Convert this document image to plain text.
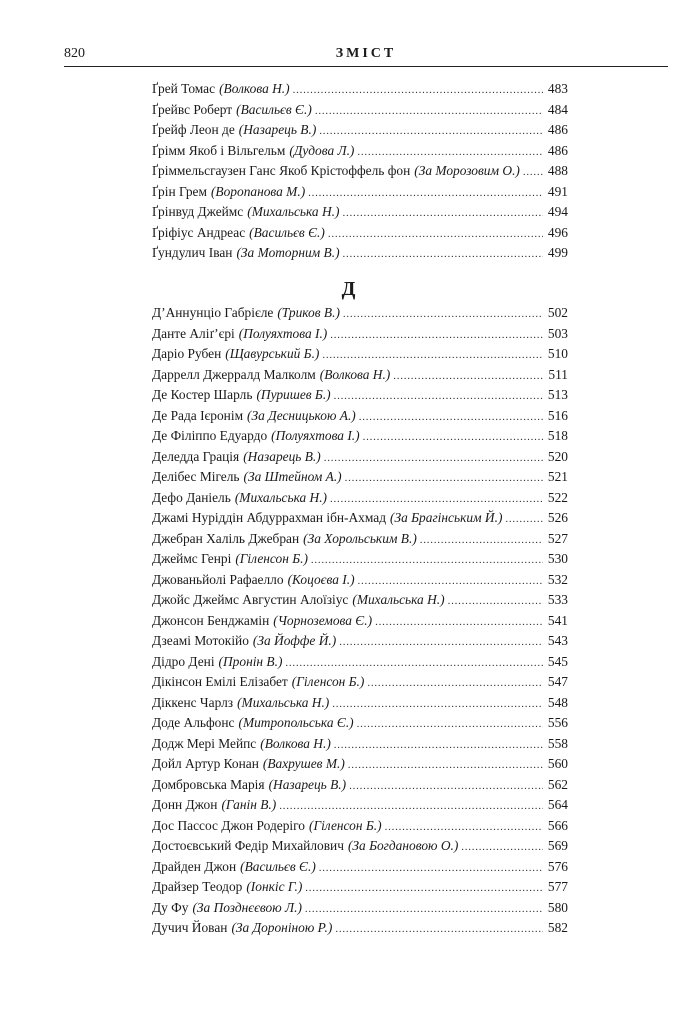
820	ЗМІСТ
Ґрей Томас (Волкова Н.) . . .	483
Ґрейвс Роберт (Васильєв Є.) . . .	484
Ґрейф Леон де (Назарець В.) . . .	486
Ґрімм Якоб і Вільгельм (Дудова Л.) . . .	486
Ґріммельсгаузен Ганс Якоб Крістоффель фон (За Морозовим О.) . . . 488
Ґрін Грем (Воропанова М.) . . .	491
Ґрінвуд Джеймс (Михальська Н.) . . .	494
Ґріфіус Андреас (Васильєв Є.) . . .	496
Ґундулич Іван (За Моторним В.) . . .	499
Д
Д’Аннунціо Габрієле (Триков В.) . . .	502
Данте Аліґ’єрі (Полуяхтова І.) . . .	503
Даріо Рубен (Щавурський Б.) . . .	510
Даррелл Джерралд Малколм (Волкова Н.) . . .	511
Де Костер Шарль (Пуришев Б.) . . .	513
Де Рада Ієронім (За Десницькою А.) . . .	516
Де Філіппо Едуардо (Полуяхтова І.) . . .	518
Деледда Грація (Назарець В.) . . .	520
Делібес Мігель (За Штейном А.) . . .	521
Дефо Даніель (Михальська Н.) . . .	522
Джамі Нуріддін Абдуррахман ібн-Ахмад (За Брагінським Й.) . . .	526
Джебран Халіль Джебран (За Хорольським В.) . . .	527
Джеймс Генрі (Гіленсон Б.) . . .	530
Джованьйолі Рафаелло (Коцоєва І.) . . .	532
Джойс Джеймс Августин Алоїзіус (Михальська Н.) . . .	533
Джонсон Бенджамін (Чорноземова Є.) . . .	541
Дзеамі Мотокійо (За Йоффе Й.) . . .	543
Дідро Дені (Пронін В.) . . .	545
Дікінсон Емілі Елізабет (Гіленсон Б.) . . .	547
Діккенс Чарлз (Михальська Н.) . . .	548
Доде Альфонс (Митропольська Є.) . . .	556
Додж Мері Мейпс (Волкова Н.) . . .	558
Дойл Артур Конан (Вахрушев М.) . . .	560
Домбровська Марія (Назарець В.) . . .	562
Донн Джон (Ганін В.) . . .	564
Дос Пассос Джон Родеріго (Гіленсон Б.) . . .	566
Достоєвський Федір Михайлович (За Богдановою О.) . . .	569
Драйден Джон (Васильєв Є.) . . .	576
Драйзер Теодор (Іонкіс Г.) . . .	577
Ду Фу (За Позднєєвою Л.) . . .	580
Дучич Йован (За Дороніною Р.) . . .	582
